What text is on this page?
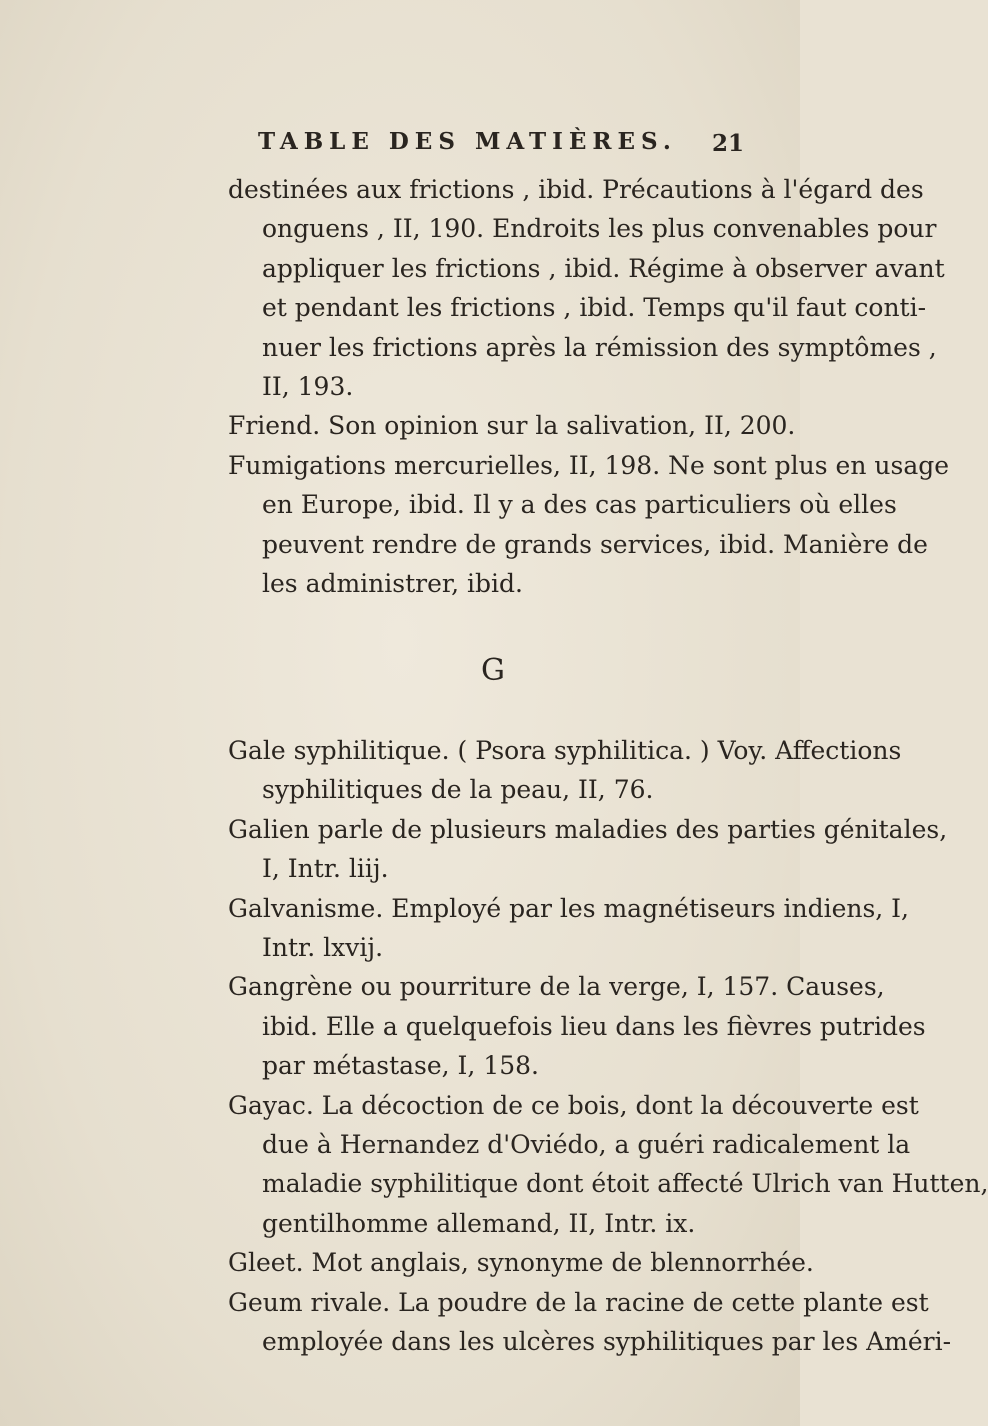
TABLE DES MATIÈRES. 21

destinées aux frictions , ibid. Précautions à l'égard des
onguens , II, 190. Endroits les plus convenables pour
appliquer les frictions , ibid. Régime à observer avant
et pendant les frictions , ibid. Temps qu'il faut conti-
nuer les frictions après la rémission des symptômes ,
II, 193.

Friend. Son opinion sur la salivation, II, 200.

Fumigations mercurielles, II, 198. Ne sont plus en usage
en Europe, ibid. Il y a des cas particuliers où elles
peuvent rendre de grands services, ibid. Manière de
les administrer, ibid.

G

Gale syphilitique. ( Psora syphilitica. ) Voy. Affections
syphilitiques de la peau, II, 76.

Galien parle de plusieurs maladies des parties génitales,
I, Intr. liij.

Galvanisme. Employé par les magnétiseurs indiens, I,
Intr. lxvij.

Gangrène ou pourriture de la verge, I, 157. Causes,
ibid. Elle a quelquefois lieu dans les fièvres putrides
par métastase, I, 158.

Gayac. La décoction de ce bois, dont la découverte est
due à Hernandez d'Oviédo, a guéri radicalement la
maladie syphilitique dont étoit affecté Ulrich van Hutten,
gentilhomme allemand, II, Intr. ix.

Gleet. Mot anglais, synonyme de blennorrhée.

Geum rivale. La poudre de la racine de cette plante est
employée dans les ulcères syphilitiques par les Améri-
